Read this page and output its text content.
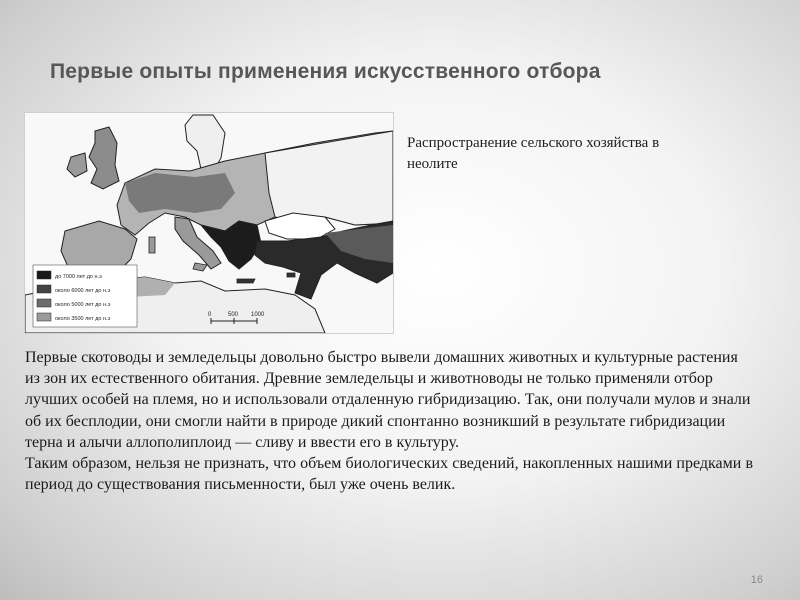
Первые опыты применения искусственного отбора
до 7000 лет до н.э
около 6000 лет до н.э
около 5000 лет до н.э
около 3500 лет до н.э
0	500 1000
Распространение сельского хозяйства в неолите

Первые скотоводы и земледельцы довольно быстро вывели домашних животных и культурные растения из зон их естественного обитания. Древние земледельцы и животноводы не только применяли отбор лучших особей на племя, но и использовали отдаленную гибридизацию. Так, они получали мулов и знали об их бесплодии, они смогли найти в природе дикий спонтанно возникший в результате гибридизации терна и алычи аллополиплоид — сливу и ввести его в культуру.

Таким образом, нельзя не признать, что объем биологических сведений, накопленных нашими предками в период до существования письменности, был уже очень велик.

16
